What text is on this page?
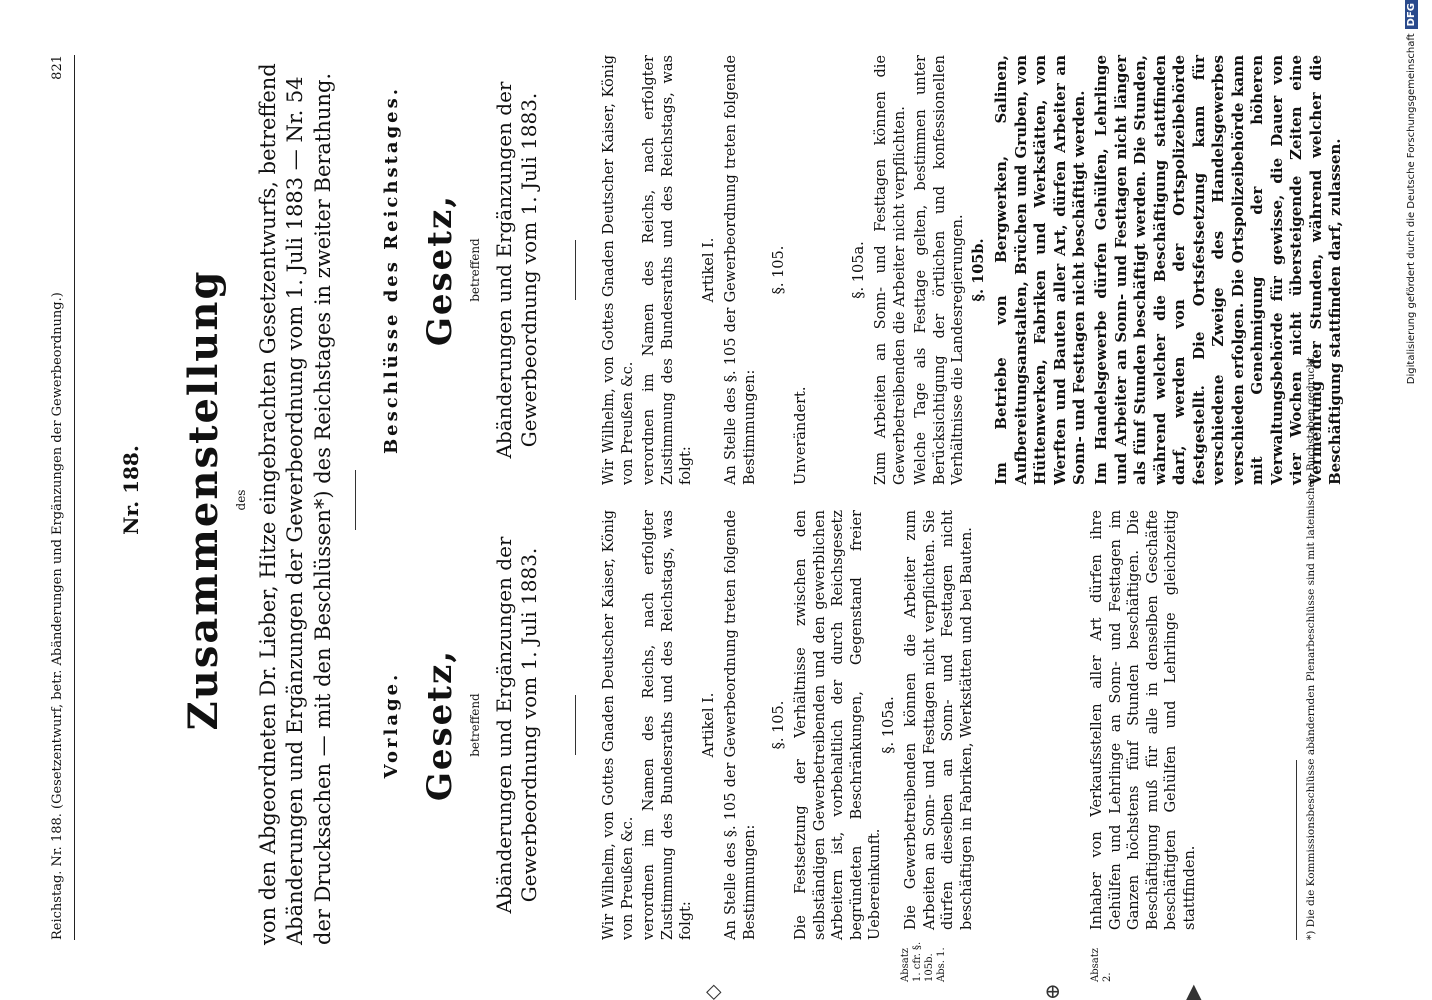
Reichstag. Nr. 188. (Gesetzentwurf, betr. Abänderungen und Ergänzungen der Gewerbeordnung.)
821
Nr. 188. Zusammenstellung des von den Abgeordneten Dr. Lieber, Hitze eingebrachten Gesetzentwurfs, betreffend Abänderungen und Ergänzungen der Gewerbeordnung vom 1. Juli 1883 — Nr. 54 der Drucksachen — mit den Beschlüssen*) des Reichstages in zweiter Berathung.	Vorlage. Gesetz, betreffend Abänderungen und Ergänzungen der Gewerbeordnung vom 1. Juli 1883.	Wir Wilhelm, von Gottes Gnaden Deutscher Kaiser, König von Preußen &c. verordnen im Namen des Reichs, nach erfolgter Zustimmung des Bundesraths und des Reichstags, was folgt:
Artikel I. An Stelle des §. 105 der Gewerbeordnung treten folgende Bestimmungen:
§. 105. Die Festsetzung der Verhältnisse zwischen den selbständigen Gewerbetreibenden und den gewerblichen Arbeitern ist, vorbehaltlich der durch Reichsgesetz begründeten Beschränkungen, Gegenstand freier Uebereinkunft.
§. 105a.
Absatz 1. cfr. §. 105b. Abs. 1.
Die Gewerbetreibenden können die Arbeiter zum Arbeiten an Sonn- und Festtagen nicht verpflichten. Sie dürfen dieselben an Sonn- und Festtagen nicht beschäftigen in Fabriken, Werkstätten und bei Bauten.
Absatz 2.
Inhaber von Verkaufsstellen aller Art dürfen ihre Gehülfen und Lehrlinge an Sonn- und Festtagen im Ganzen höchstens fünf Stunden beschäftigen. Die Beschäftigung muß für alle in denselben Geschäfte beschäftigten Gehülfen und Lehrlinge gleichzeitig stattfinden.
Beschlüsse des Reichstages. Gesetz, betreffend Abänderungen und Ergänzungen der Gewerbeordnung vom 1. Juli 1883.	Wir Wilhelm, von Gottes Gnaden Deutscher Kaiser, König von Preußen &c. verordnen im Namen des Reichs, nach erfolgter Zustimmung des Bundesraths und des Reichstags, was folgt:
Artikel I. An Stelle des §. 105 der Gewerbeordnung treten folgende Bestimmungen:
§. 105.
Unverändert.
§. 105a. Zum Arbeiten an Sonn- und Festtagen können die Gewerbetreibenden die Arbeiter nicht verpflichten. Welche Tage als Festtage gelten, bestimmen unter Berücksichtigung der örtlichen und konfessionellen Verhältnisse die Landesregierungen. §. 105b. Im Betriebe von Bergwerken, Salinen, Aufbereitungsanstalten, Brüchen und Gruben, von Hüttenwerken, Fabriken und Werkstätten, von Werften und Bauten aller Art, dürfen Arbeiter an Sonn- und Festtagen nicht beschäftigt werden. Im Handelsgewerbe dürfen Gehülfen, Lehrlinge und Arbeiter an Sonn- und Festtagen nicht länger als fünf Stunden beschäftigt werden. Die Stunden, während welcher die Beschäftigung stattfinden darf, werden von der Ortspolizeibehörde festgestellt. Die Ortsfestsetzung kann für verschiedene Zweige des Handelsgewerbes verschieden erfolgen. Die Ortspolizeibehörde kann mit Genehmigung der höheren Verwaltungsbehörde für gewisse, die Dauer von vier Wochen nicht übersteigende Zeiten eine Vermehrung der Stunden, während welcher die Beschäftigung stattfinden darf, zulassen.
*) Die die Kommissionsbeschlüsse abändernden Plenarbeschlüsse sind mit lateinischen Buchstaben gedruckt.
Digitalisierung gefördert durch die Deutsche ForschungsgemeinschaftDFG
⊕
◇	▶
